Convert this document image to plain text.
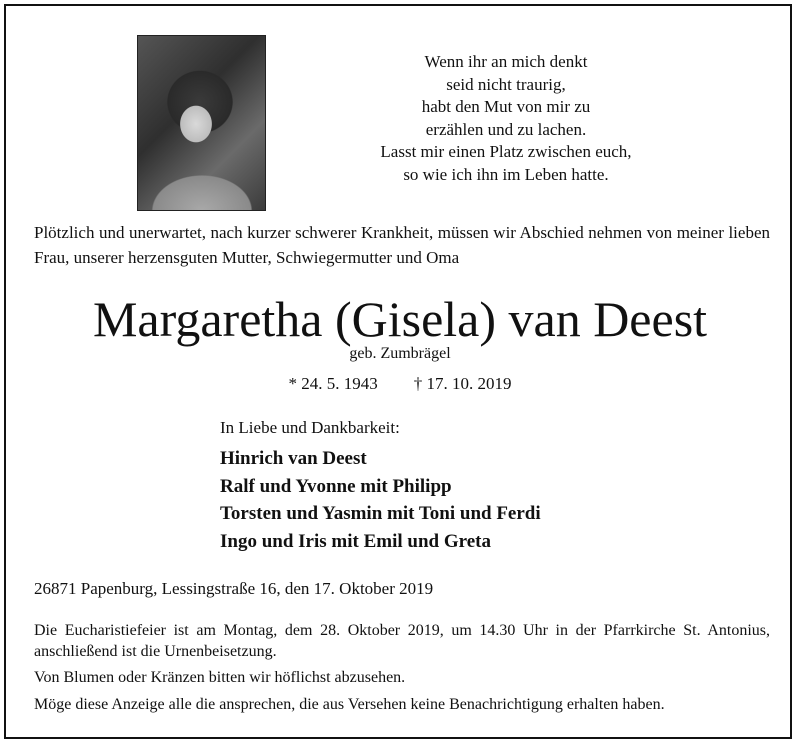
Wenn ihr an mich denkt
seid nicht traurig,
habt den Mut von mir zu
erzählen und zu lachen.
Lasst mir einen Platz zwischen euch,
so wie ich ihn im Leben hatte.
Plötzlich und unerwartet, nach kurzer schwerer Krankheit, müssen wir Abschied nehmen von meiner lieben Frau, unserer herzensguten Mutter, Schwiegermutter und Oma
Margaretha (Gisela) van Deest
geb. Zumbrägel
* 24. 5. 1943 † 17. 10. 2019
In Liebe und Dankbarkeit:
Hinrich van Deest
Ralf und Yvonne mit Philipp
Torsten und Yasmin mit Toni und Ferdi
Ingo und Iris mit Emil und Greta
26871 Papenburg, Lessingstraße 16, den 17. Oktober 2019
Die Eucharistiefeier ist am Montag, dem 28. Oktober 2019, um 14.30 Uhr in der Pfarrkirche St. Antonius, anschließend ist die Urnenbeisetzung.
Von Blumen oder Kränzen bitten wir höflichst abzusehen.
Möge diese Anzeige alle die ansprechen, die aus Versehen keine Benachrichtigung erhalten haben.
